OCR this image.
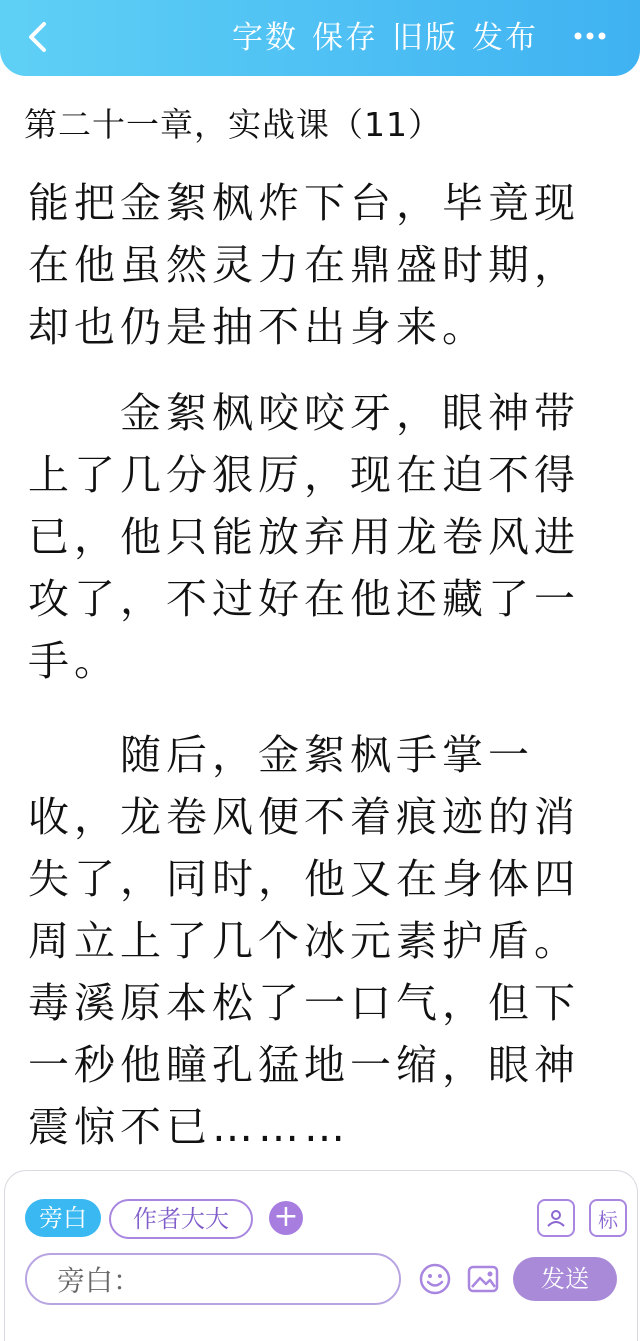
字数 保存 旧版 发布
第二十一章，实战课（11）
能把金絮枫炸下台，毕竟现在他虽然灵力在鼎盛时期，却也仍是抽不出身来。
　　金絮枫咬咬牙，眼神带上了几分狠厉，现在迫不得已，他只能放弃用龙卷风进攻了，不过好在他还藏了一手。
　　随后，金絮枫手掌一收，龙卷风便不着痕迹的消失了，同时，他又在身体四周立上了几个冰元素护盾。毒溪原本松了一口气，但下一秒他瞳孔猛地一缩，眼神震惊不已………
旁白	作者大大	+	标
旁白：	发送
